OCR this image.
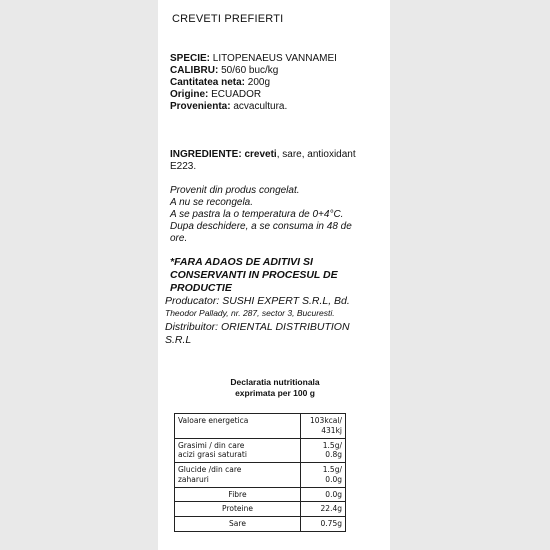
CREVETI PREFIERTI
SPECIE: LITOPENAEUS VANNAMEI
CALIBRU: 50/60 buc/kg
Cantitatea neta: 200g
Origine: ECUADOR
Provenienta: acvacultura.
INGREDIENTE: creveti, sare, antioxidant
E223.
Provenit din produs congelat.
A nu se recongela.
A se pastra la o temperatura de 0+4°C.
Dupa deschidere, a se consuma in 48 de
ore.
*FARA ADAOS DE ADITIVI SI
CONSERVANTI IN PROCESUL DE
PRODUCTIE
Producator: SUSHI EXPERT S.R.L, Bd.
Theodor Pallady, nr. 287, sector 3, Bucuresti.
Distribuitor: ORIENTAL DISTRIBUTION
S.R.L
Declaratia nutritionala
exprimata per 100 g
Valoare energetica	103kcal/
431kj
Grasimi / din care
acizi grasi saturati	1.5g/
0.8g
Glucide /din care
zaharuri	1.5g/
0.0g
Fibre	0.0g
Proteine	22.4g
Sare	0.75g
